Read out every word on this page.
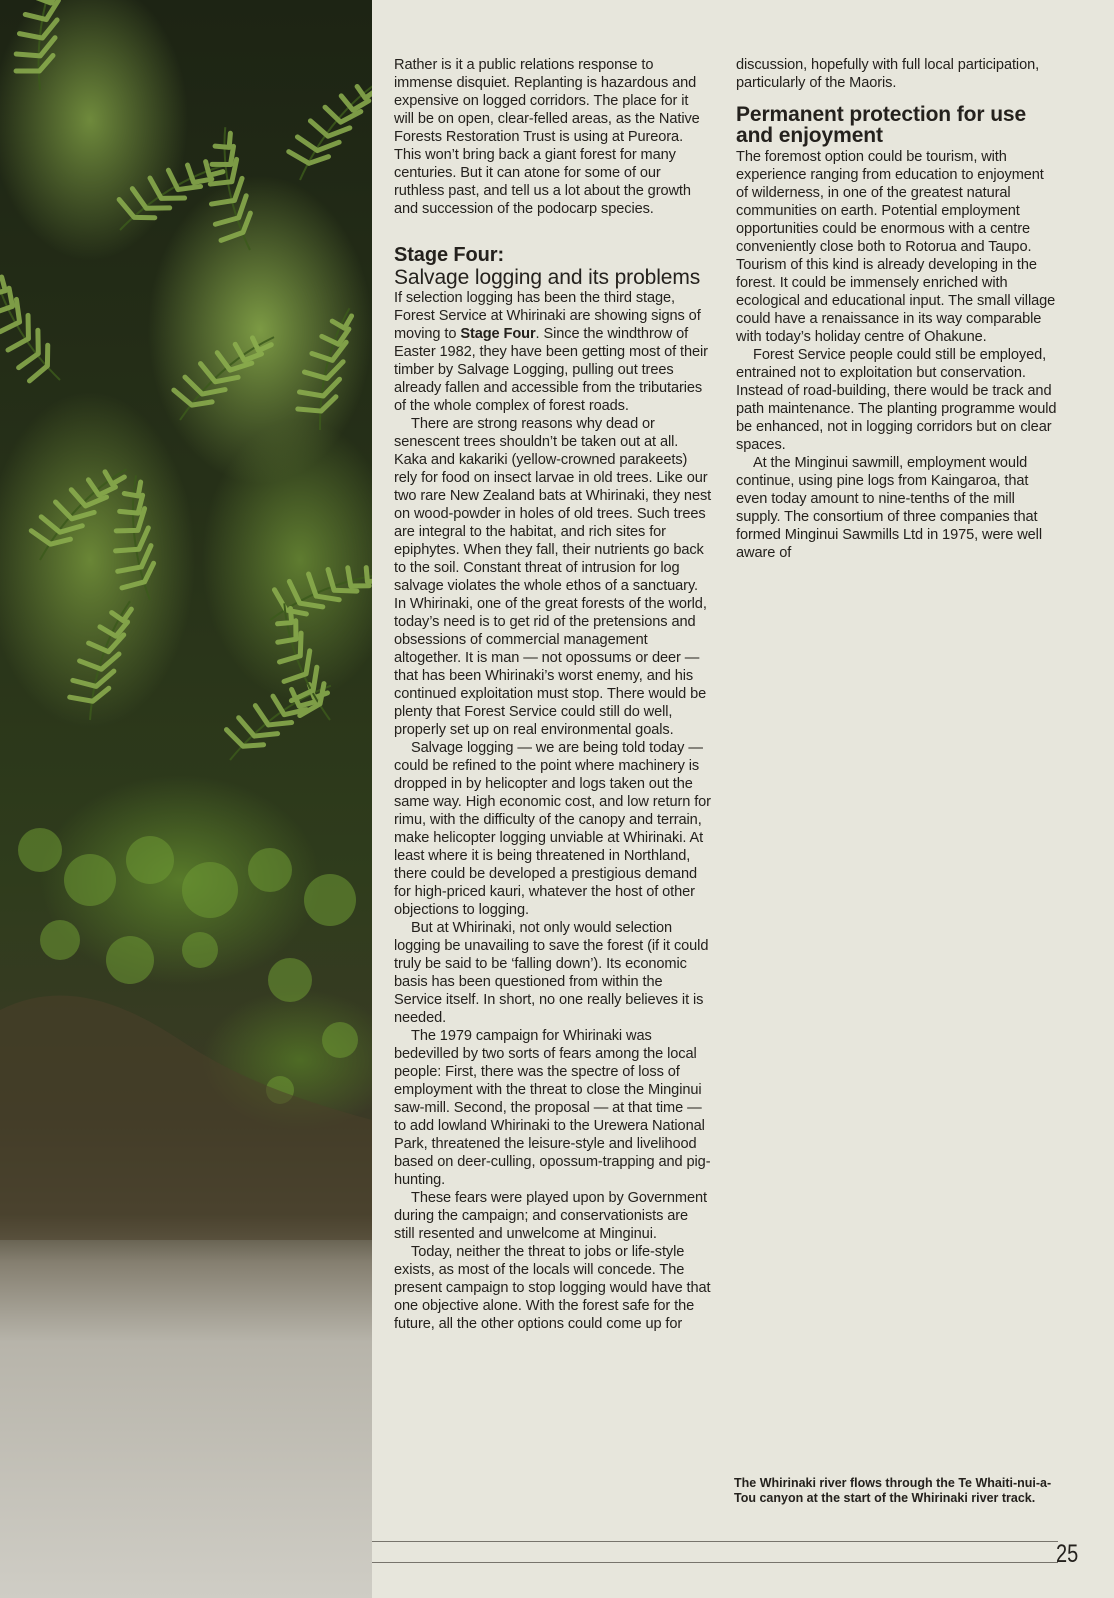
Rather is it a public relations response to immense disquiet. Replanting is hazardous and expensive on logged corridors. The place for it will be on open, clear-felled areas, as the Native Forests Restoration Trust is using at Pureora. This won’t bring back a giant forest for many centuries. But it can atone for some of our ruthless past, and tell us a lot about the growth and succession of the podocarp species.

Stage Four:
Salvage logging and its problems

If selection logging has been the third stage, Forest Service at Whirinaki are showing signs of moving to Stage Four. Since the windthrow of Easter 1982, they have been getting most of their timber by Salvage Logging, pulling out trees already fallen and accessible from the tributaries of the whole complex of forest roads.

There are strong reasons why dead or senescent trees shouldn’t be taken out at all. Kaka and kakariki (yellow-crowned parakeets) rely for food on insect larvae in old trees. Like our two rare New Zealand bats at Whirinaki, they nest on wood-powder in holes of old trees. Such trees are integral to the habitat, and rich sites for epiphytes. When they fall, their nutrients go back to the soil. Constant threat of intrusion for log salvage violates the whole ethos of a sanctuary. In Whirinaki, one of the great forests of the world, today’s need is to get rid of the pretensions and obsessions of commercial management altogether. It is man — not opossums or deer — that has been Whirinaki’s worst enemy, and his continued exploitation must stop. There would be plenty that Forest Service could still do well, properly set up on real environmental goals.

Salvage logging — we are being told today — could be refined to the point where machinery is dropped in by helicopter and logs taken out the same way. High economic cost, and low return for rimu, with the difficulty of the canopy and terrain, make helicopter logging unviable at Whirinaki. At least where it is being threatened in Northland, there could be developed a prestigious demand for high-priced kauri, whatever the host of other objections to logging.

But at Whirinaki, not only would selection logging be unavailing to save the forest (if it could truly be said to be ‘falling down’). Its economic basis has been questioned from within the Service itself. In short, no one really believes it is needed.

The 1979 campaign for Whirinaki was bedevilled by two sorts of fears among the local people: First, there was the spectre of loss of employment with the threat to close the Minginui saw-mill. Second, the proposal — at that time — to add lowland Whirinaki to the Urewera National Park, threatened the leisure-style and livelihood based on deer-culling, opossum-trapping and pig-hunting.

These fears were played upon by Government during the campaign; and conservationists are still resented and unwelcome at Minginui.

Today, neither the threat to jobs or life-style exists, as most of the locals will concede. The present campaign to stop logging would have that one objective alone. With the forest safe for the future, all the other options could come up for

discussion, hopefully with full local participation, particularly of the Maoris.

Permanent protection for use and enjoyment

The foremost option could be tourism, with experience ranging from education to enjoyment of wilderness, in one of the greatest natural communities on earth. Potential employment opportunities could be enormous with a centre conveniently close both to Rotorua and Taupo. Tourism of this kind is already developing in the forest. It could be immensely enriched with ecological and educational input. The small village could have a renaissance in its way comparable with today’s holiday centre of Ohakune.

Forest Service people could still be employed, entrained not to exploitation but conservation. Instead of road-building, there would be track and path maintenance. The planting programme would be enhanced, not in logging corridors but on clear spaces.

At the Minginui sawmill, employment would continue, using pine logs from Kaingaroa, that even today amount to nine-tenths of the mill supply. The consortium of three companies that formed Minginui Sawmills Ltd in 1975, were well aware of

The Whirinaki river flows through the Te Whaiti-nui-a-Tou canyon at the start of the Whirinaki river track.
25
